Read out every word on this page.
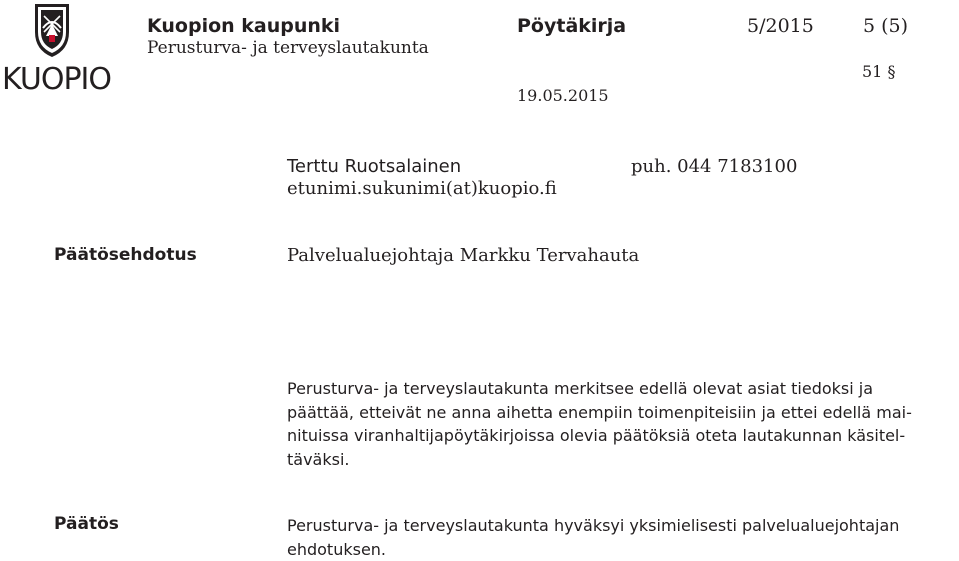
KUOPIO
Kuopion kaupunki
Perusturva- ja terveyslautakunta
Pöytäkirja	5/2015	5 (5)
51 §
19.05.2015
Terttu Ruotsalainen	puh. 044 7183100
etunimi.sukunimi(at)kuopio.fi
Päätösehdotus	Palvelualuejohtaja Markku Tervahauta
Perusturva- ja terveyslautakunta merkitsee edellä olevat asiat tiedoksi ja
päättää, etteivät ne anna aihetta enempiin toimenpiteisiin ja ettei edellä mai-
nituissa viranhaltijapöytäkirjoissa olevia päätöksiä oteta lautakunnan käsitel-
täväksi.
Päätös	Perusturva- ja terveyslautakunta hyväksyi yksimielisesti palvelualuejohtajan
ehdotuksen.
